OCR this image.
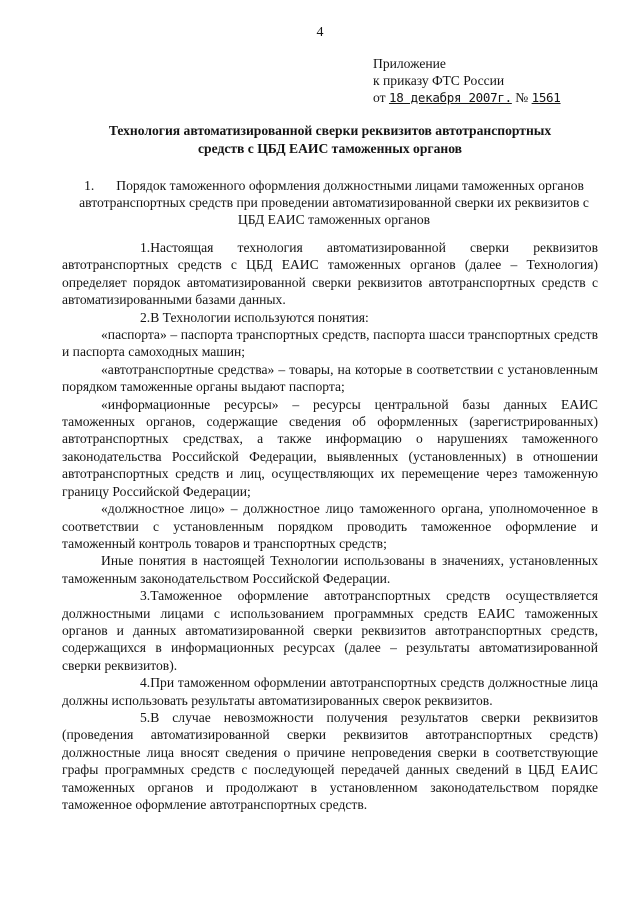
4
Приложение
к приказу ФТС России
от 18 декабря 2007г. № 1561
Технология автоматизированной сверки реквизитов автотранспортных
средств с ЦБД ЕАИС таможенных органов
1. Порядок таможенного оформления должностными лицами таможенных органов автотранспортных средств при проведении автоматизированной сверки их реквизитов с ЦБД ЕАИС таможенных органов

1.Настоящая технология автоматизированной сверки реквизитов автотранспортных средств с ЦБД ЕАИС таможенных органов (далее – Технология) определяет порядок автоматизированной сверки реквизитов автотранспортных средств с автоматизированными базами данных.

2.В Технологии используются понятия:

«паспорта» – паспорта транспортных средств, паспорта шасси транспортных средств и паспорта самоходных машин;

«автотранспортные средства» – товары, на которые в соответствии с установленным порядком таможенные органы выдают паспорта;

«информационные ресурсы» – ресурсы центральной базы данных ЕАИС таможенных органов, содержащие сведения об оформленных (зарегистрированных) автотранспортных средствах, а также информацию о нарушениях таможенного законодательства Российской Федерации, выявленных (установленных) в отношении автотранспортных средств и лиц, осуществляющих их перемещение через таможенную границу Российской Федерации;

«должностное лицо» – должностное лицо таможенного органа, уполномоченное в соответствии с установленным порядком проводить таможенное оформление и таможенный контроль товаров и транспортных средств;

Иные понятия в настоящей Технологии использованы в значениях, установленных таможенным законодательством Российской Федерации.

3.Таможенное оформление автотранспортных средств осуществляется должностными лицами с использованием программных средств ЕАИС таможенных органов и данных автоматизированной сверки реквизитов автотранспортных средств, содержащихся в информационных ресурсах (далее – результаты автоматизированной сверки реквизитов).

4.При таможенном оформлении автотранспортных средств должностные лица должны использовать результаты автоматизированных сверок реквизитов.

5.В случае невозможности получения результатов сверки реквизитов (проведения автоматизированной сверки реквизитов автотранспортных средств) должностные лица вносят сведения о причине непроведения сверки в соответствующие графы программных средств с последующей передачей данных сведений в ЦБД ЕАИС таможенных органов и продолжают в установленном законодательством порядке таможенное оформление автотранспортных средств.
